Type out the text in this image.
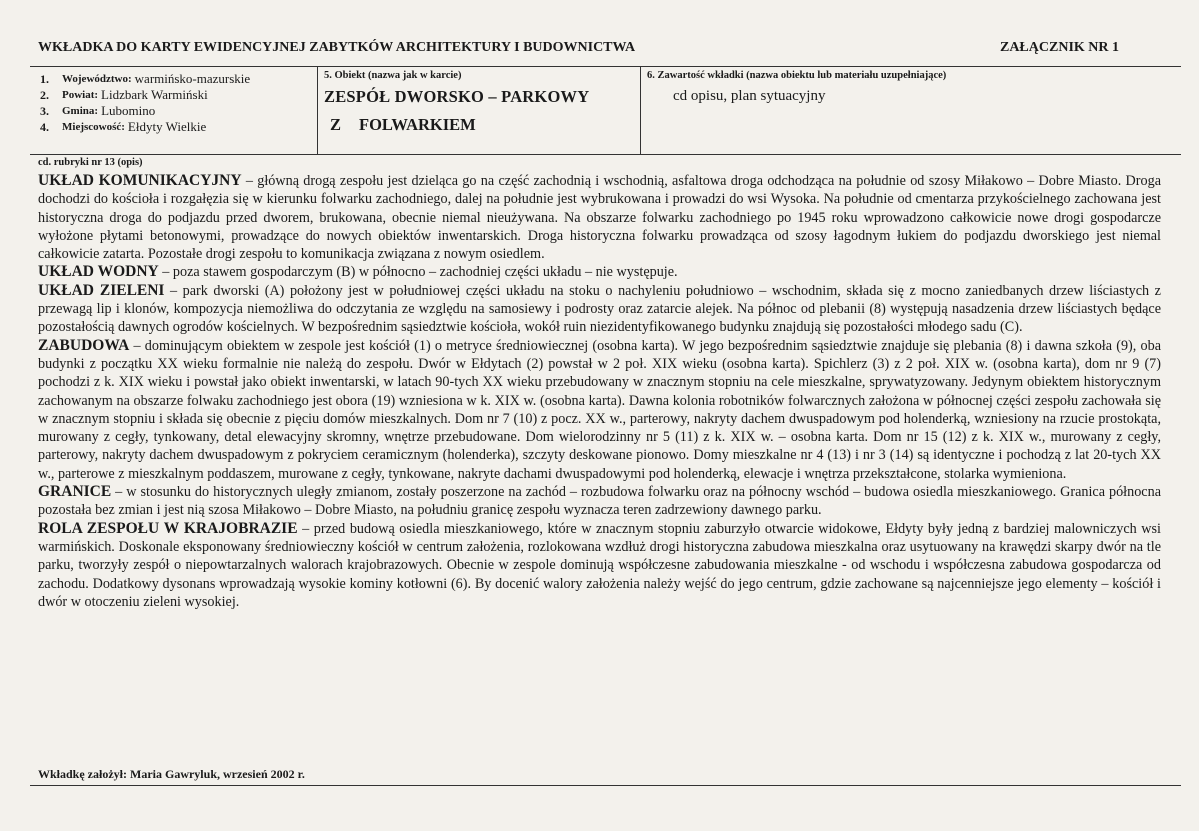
WKŁADKA DO KARTY EWIDENCYJNEJ ZABYTKÓW ARCHITEKTURY I BUDOWNICTWA	ZAŁĄCZNIK NR 1
1.	Województwo: warmińsko-mazurskie
2.	Powiat: Lidzbark Warmiński
3.	Gmina: Lubomino
4.	Miejscowość: Ełdyty Wielkie
5. Obiekt (nazwa jak w karcie)
ZESPÓŁ DWORSKO – PARKOWY
Z FOLWARKIEM
6. Zawartość wkładki (nazwa obiektu lub materiału uzupełniające)
cd opisu, plan sytuacyjny
cd. rubryki nr 13 (opis)

UKŁAD KOMUNIKACYJNY – główną drogą zespołu jest dzieląca go na część zachodnią i wschodnią, asfaltowa droga odchodząca na południe od szosy Miłakowo – Dobre Miasto. Droga dochodzi do kościoła i rozgałęzia się w kierunku folwarku zachodniego, dalej na południe jest wybrukowana i prowadzi do wsi Wysoka. Na południe od cmentarza przykościelnego zachowana jest historyczna droga do podjazdu przed dworem, brukowana, obecnie niemal nieużywana. Na obszarze folwarku zachodniego po 1945 roku wprowadzono całkowicie nowe drogi gospodarcze wyłożone płytami betonowymi, prowadzące do nowych obiektów inwentarskich. Droga historyczna folwarku prowadząca od szosy łagodnym łukiem do podjazdu dworskiego jest niemal całkowicie zatarta. Pozostałe drogi zespołu to komunikacja związana z nowym osiedlem.

UKŁAD WODNY – poza stawem gospodarczym (B) w północno – zachodniej części układu – nie występuje.

UKŁAD ZIELENI – park dworski (A) położony jest w południowej części układu na stoku o nachyleniu południowo – wschodnim, składa się z mocno zaniedbanych drzew liściastych z przewagą lip i klonów, kompozycja niemożliwa do odczytania ze względu na samosiewy i podrosty oraz zatarcie alejek. Na północ od plebanii (8) występują nasadzenia drzew liściastych będące pozostałością dawnych ogrodów kościelnych. W bezpośrednim sąsiedztwie kościoła, wokół ruin niezidentyfikowanego budynku znajdują się pozostałości młodego sadu (C).

ZABUDOWA – dominującym obiektem w zespole jest kościół (1) o metryce średniowiecznej (osobna karta). W jego bezpośrednim sąsiedztwie znajduje się plebania (8) i dawna szkoła (9), oba budynki z początku XX wieku formalnie nie należą do zespołu. Dwór w Ełdytach (2) powstał w 2 poł. XIX wieku (osobna karta). Spichlerz (3) z 2 poł. XIX w. (osobna karta), dom nr 9 (7) pochodzi z k. XIX wieku i powstał jako obiekt inwentarski, w latach 90-tych XX wieku przebudowany w znacznym stopniu na cele mieszkalne, sprywatyzowany. Jedynym obiektem historycznym zachowanym na obszarze folwaku zachodniego jest obora (19) wzniesiona w k. XIX w. (osobna karta). Dawna kolonia robotników folwarcznych założona w północnej części zespołu zachowała się w znacznym stopniu i składa się obecnie z pięciu domów mieszkalnych. Dom nr 7 (10) z pocz. XX w., parterowy, nakryty dachem dwuspadowym pod holenderką, wzniesiony na rzucie prostokąta, murowany z cegły, tynkowany, detal elewacyjny skromny, wnętrze przebudowane. Dom wielorodzinny nr 5 (11) z k. XIX w. – osobna karta. Dom nr 15 (12) z k. XIX w., murowany z cegły, parterowy, nakryty dachem dwuspadowym z pokryciem ceramicznym (holenderka), szczyty deskowane pionowo. Domy mieszkalne nr 4 (13) i nr 3 (14) są identyczne i pochodzą z lat 20-tych XX w., parterowe z mieszkalnym poddaszem, murowane z cegły, tynkowane, nakryte dachami dwuspadowymi pod holenderką, elewacje i wnętrza przekształcone, stolarka wymieniona.

GRANICE – w stosunku do historycznych uległy zmianom, zostały poszerzone na zachód – rozbudowa folwarku oraz na północny wschód – budowa osiedla mieszkaniowego. Granica północna pozostała bez zmian i jest nią szosa Miłakowo – Dobre Miasto, na południu granicę zespołu wyznacza teren zadrzewiony dawnego parku.

ROLA ZESPOŁU W KRAJOBRAZIE – przed budową osiedla mieszkaniowego, które w znacznym stopniu zaburzyło otwarcie widokowe, Ełdyty były jedną z bardziej malowniczych wsi warmińskich. Doskonale eksponowany średniowieczny kościół w centrum założenia, rozlokowana wzdłuż drogi historyczna zabudowa mieszkalna oraz usytuowany na krawędzi skarpy dwór na tle parku, tworzyły zespół o niepowtarzalnych walorach krajobrazowych. Obecnie w zespole dominują współczesne zabudowania mieszkalne - od wschodu i współczesna zabudowa gospodarcza od zachodu. Dodatkowy dysonans wprowadzają wysokie kominy kotłowni (6). By docenić walory założenia należy wejść do jego centrum, gdzie zachowane są najcenniejsze jego elementy – kościół i dwór w otoczeniu zieleni wysokiej.

Wkładkę założył: Maria Gawryluk, wrzesień 2002 r.
